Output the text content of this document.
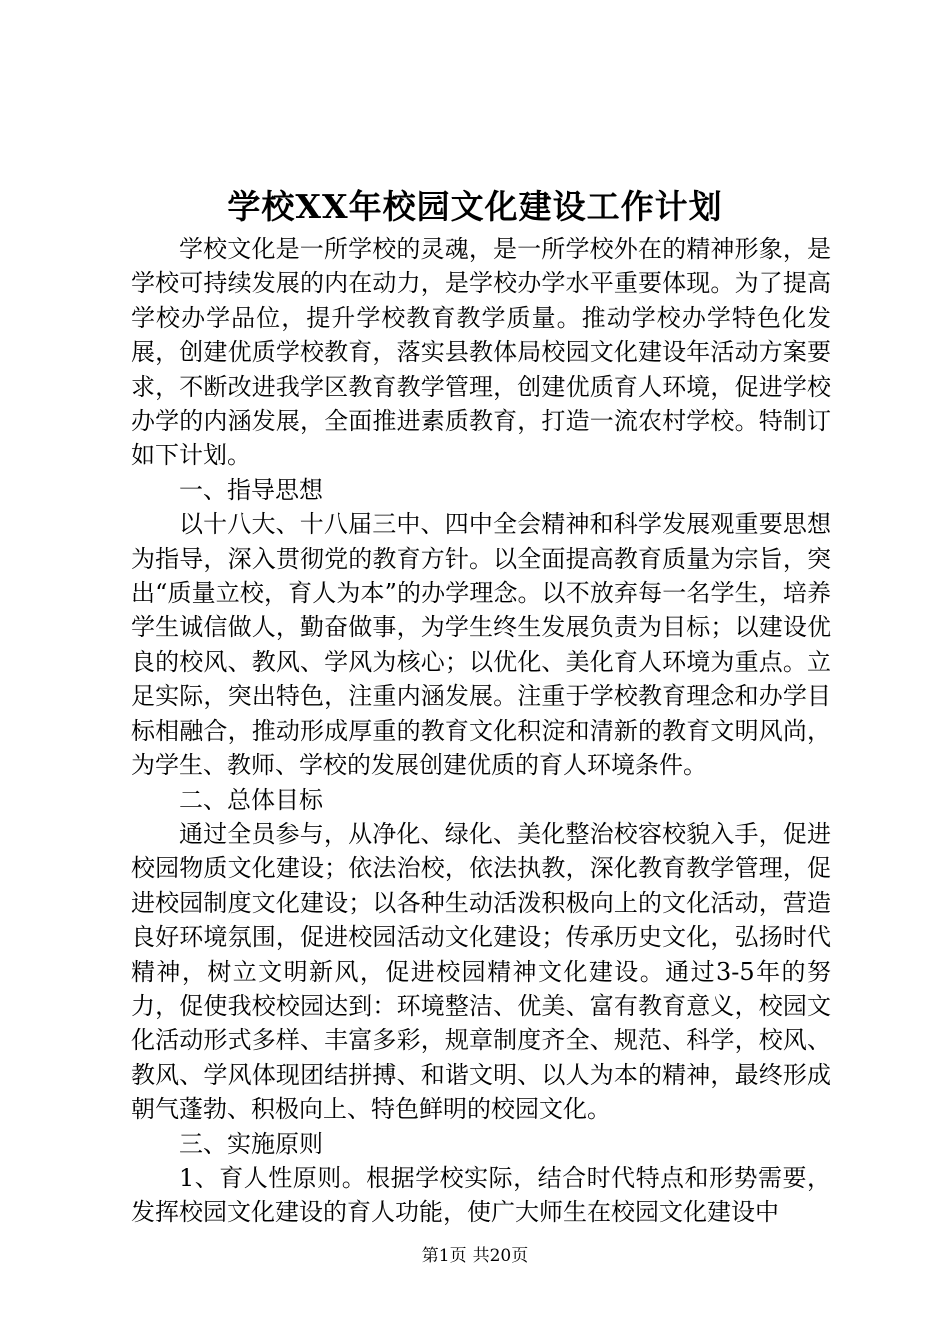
学校XX年校园文化建设工作计划

学校文化是一所学校的灵魂，是一所学校外在的精神形象，是学校可持续发展的内在动力，是学校办学水平重要体现。为了提高学校办学品位，提升学校教育教学质量。推动学校办学特色化发展，创建优质学校教育，落实县教体局校园文化建设年活动方案要求，不断改进我学区教育教学管理，创建优质育人环境，促进学校办学的内涵发展，全面推进素质教育，打造一流农村学校。特制订如下计划。

一、指导思想

以十八大、十八届三中、四中全会精神和科学发展观重要思想为指导，深入贯彻党的教育方针。以全面提高教育质量为宗旨，突出“质量立校，育人为本”的办学理念。以不放弃每一名学生，培养学生诚信做人，勤奋做事，为学生终生发展负责为目标；以建设优良的校风、教风、学风为核心；以优化、美化育人环境为重点。立足实际，突出特色，注重内涵发展。注重于学校教育理念和办学目标相融合，推动形成厚重的教育文化积淀和清新的教育文明风尚，为学生、教师、学校的发展创建优质的育人环境条件。

二、总体目标

通过全员参与，从净化、绿化、美化整治校容校貌入手，促进校园物质文化建设；依法治校，依法执教，深化教育教学管理，促进校园制度文化建设；以各种生动活泼积极向上的文化活动，营造良好环境氛围，促进校园活动文化建设；传承历史文化，弘扬时代精神，树立文明新风，促进校园精神文化建设。通过3-5年的努力，促使我校校园达到：环境整洁、优美、富有教育意义，校园文化活动形式多样、丰富多彩，规章制度齐全、规范、科学，校风、教风、学风体现团结拼搏、和谐文明、以人为本的精神，最终形成朝气蓬勃、积极向上、特色鲜明的校园文化。

三、实施原则

1、育人性原则。根据学校实际，结合时代特点和形势需要，发挥校园文化建设的育人功能，使广大师生在校园文化建设中

第1页 共20页
